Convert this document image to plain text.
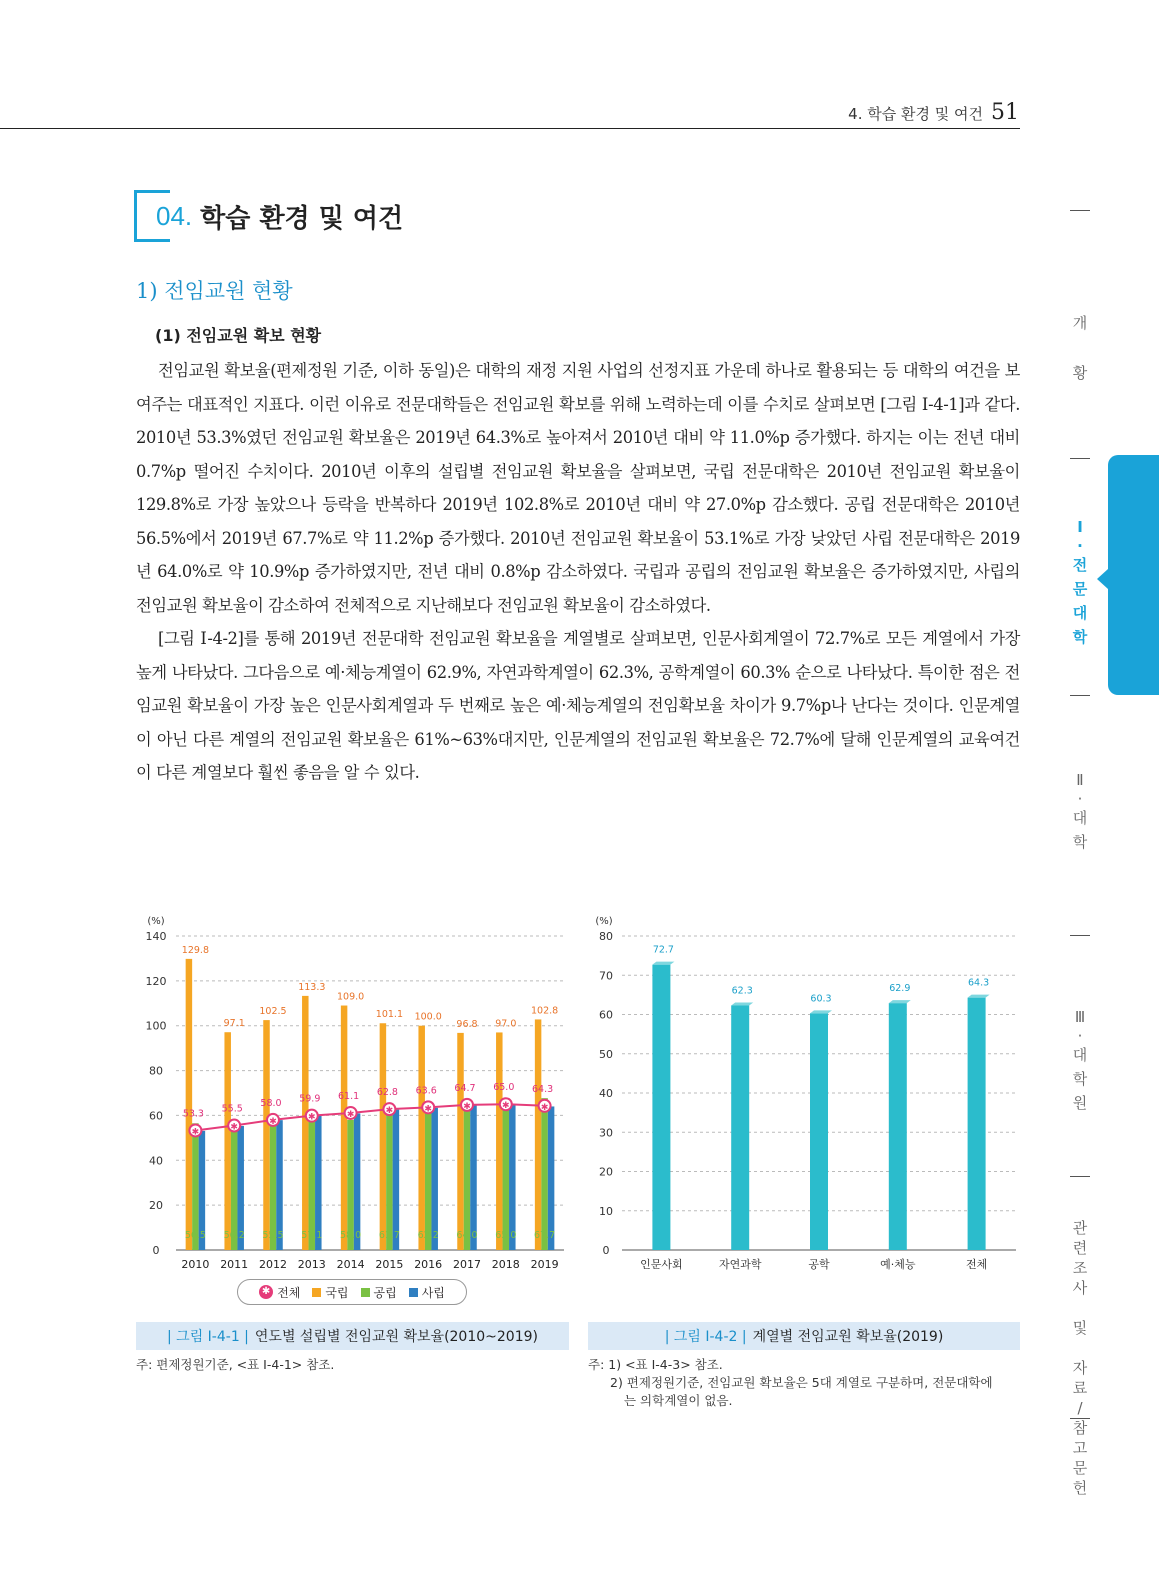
4. 학습 환경 및 여건 51
04. 학습 환경 및 여건
1) 전임교원 현황
(1) 전임교원 확보 현황

전임교원 확보율(편제정원 기준, 이하 동일)은 대학의 재정 지원 사업의 선정지표 가운데 하나로 활용되는 등 대학의 여건을 보여주는 대표적인 지표다. 이런 이유로 전문대학들은 전임교원 확보를 위해 노력하는데 이를 수치로 살펴보면 [그림 Ⅰ-4-1]과 같다. 2010년 53.3%였던 전임교원 확보율은 2019년 64.3%로 높아져서 2010년 대비 약 11.0%p 증가했다. 하지는 이는 전년 대비 0.7%p 떨어진 수치이다. 2010년 이후의 설립별 전임교원 확보율을 살펴보면, 국립 전문대학은 2010년 전임교원 확보율이 129.8%로 가장 높았으나 등락을 반복하다 2019년 102.8%로 2010년 대비 약 27.0%p 감소했다. 공립 전문대학은 2010년 56.5%에서 2019년 67.7%로 약 11.2%p 증가했다. 2010년 전임교원 확보율이 53.1%로 가장 낮았던 사립 전문대학은 2019년 64.0%로 약 10.9%p 증가하였지만, 전년 대비 0.8%p 감소하였다. 국립과 공립의 전임교원 확보율은 증가하였지만, 사립의 전임교원 확보율이 감소하여 전체적으로 지난해보다 전임교원 확보율이 감소하였다.

[그림 Ⅰ-4-2]를 통해 2019년 전문대학 전임교원 확보율을 계열별로 살펴보면, 인문사회계열이 72.7%로 모든 계열에서 가장 높게 나타났다. 그다음으로 예·체능계열이 62.9%, 자연과학계열이 62.3%, 공학계열이 60.3% 순으로 나타났다. 특이한 점은 전임교원 확보율이 가장 높은 인문사회계열과 두 번째로 높은 예·체능계열의 전임확보율 차이가 9.7%p나 난다는 것이다. 인문계열이 아닌 다른 계열의 전임교원 확보율은 61%~63%대지만, 인문계열의 전임교원 확보율은 72.7%에 달해 인문계열의 교육여건이 다른 계열보다 훨씬 좋음을 알 수 있다.

개
황
Ⅰ
·
전
문
대
학
Ⅱ
·
대
학
Ⅲ
·
대
학
원
관
련
조
사
및
자
료
/
참
고
문
헌
(%)
0
20
40
60
80
100
120
140
129.8
56.5
2010
97.1
56.2
2011
102.5
55.5
2012
113.3
57.1
2013
109.0
58.0
2014
101.1
61.7
2015
100.0
62.2
2016
96.8
64.0
2017
97.0
65.0
2018
102.8
67.7
2019
✱
53.3
✱
55.5
✱
58.0
✱
59.9
✱
61.1
✱
62.8
✱
63.6
✱
64.7
✱
65.0
✱
64.3
✱ 전체 국립 공립 사립
| 그림 Ⅰ-4-1 | 연도별 설립별 전임교원 확보율(2010~2019)
주: 편제정원기준, <표 Ⅰ-4-1> 참조.
(%)
0
10
20
30
40
50
60
70
80
72.7
인문사회
62.3
자연과학
60.3
공학
62.9
예·체능
64.3
전체
| 그림 Ⅰ-4-2 | 계열별 전임교원 확보율(2019)
주: 1) <표 Ⅰ-4-3> 참조.
2) 편제정원기준, 전임교원 확보율은 5대 계열로 구분하며, 전문대학에
는 의학계열이 없음.
